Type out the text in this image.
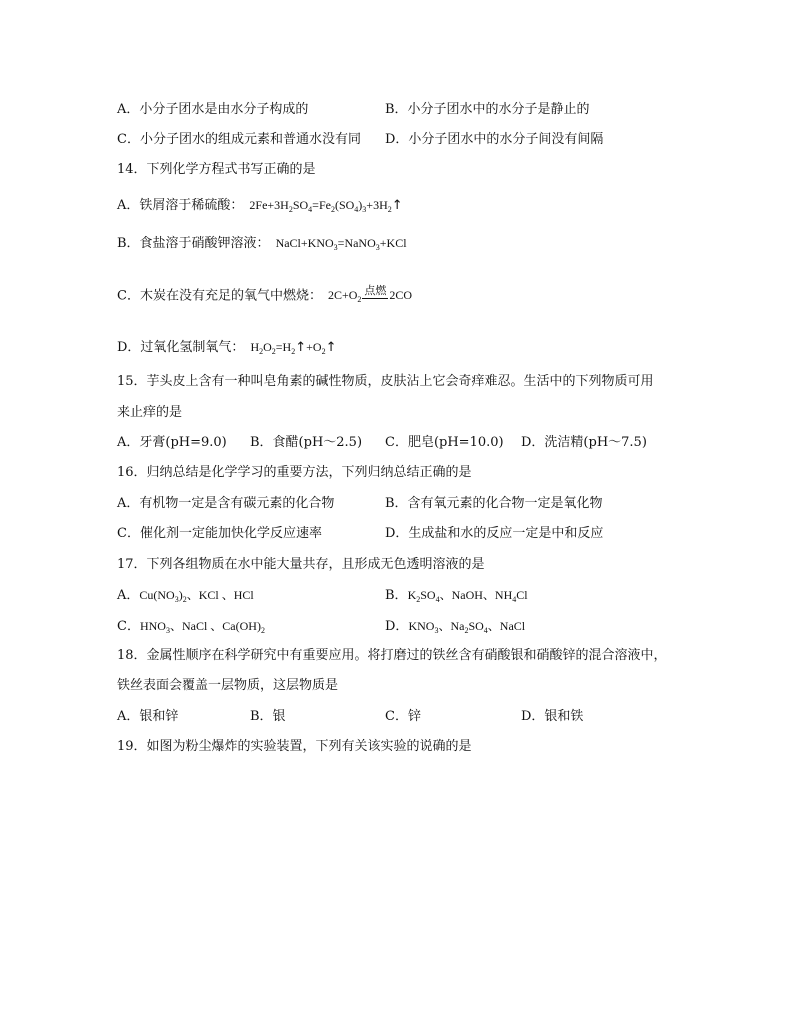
A．小分子团水是由水分子构成的	B．小分子团水中的水分子是静止的
C．小分子团水的组成元素和普通水没有同 D．小分子团水中的水分子间没有间隔
14．下列化学方程式书写正确的是
A．铁屑溶于稀硫酸： $2Fe+3H_2SO_4=Fe_2(SO_4)_3+3H_2↑$
B．食盐溶于硝酸钾溶液： $NaCl+KNO_3=NaNO_3+KCl$
C．木炭在没有充足的氧气中燃烧： $2C+O_2$
点燃 2CO
D．过氧化氢制氧气： $H_2O_2=H_2↑+O_2↑$
15．芋头皮上含有一种叫皂角素的碱性物质，皮肤沾上它会奇痒难忍。生活中的下列物质可用
来止痒的是
A．牙膏(pH=9.0) B．食醋(pH～2.5) C．肥皂(pH=10.0) D．洗洁精(pH～7.5)
16．归纳总结是化学学习的重要方法，下列归纳总结正确的是
A．有机物一定是含有碳元素的化合物	B．含有氧元素的化合物一定是氧化物
C．催化剂一定能加快化学反应速率	D．生成盐和水的反应一定是中和反应
17．下列各组物质在水中能大量共存，且形成无色透明溶液的是
A．$Cu(NO_3)_2$、KCl 、HCl	B．$K_2SO_4$、NaOH、$NH_4Cl$
C．$HNO_3$、NaCl 、$Ca(OH)_2$	D．$KNO_3$、$Na_2SO_4$、NaCl
18．金属性顺序在科学研究中有重要应用。将打磨过的铁丝含有硝酸银和硝酸锌的混合溶液中，
铁丝表面会覆盖一层物质，这层物质是
A．银和锌	B．银	C．锌	D．银和铁
19．如图为粉尘爆炸的实验装置，下列有关该实验的说确的是
